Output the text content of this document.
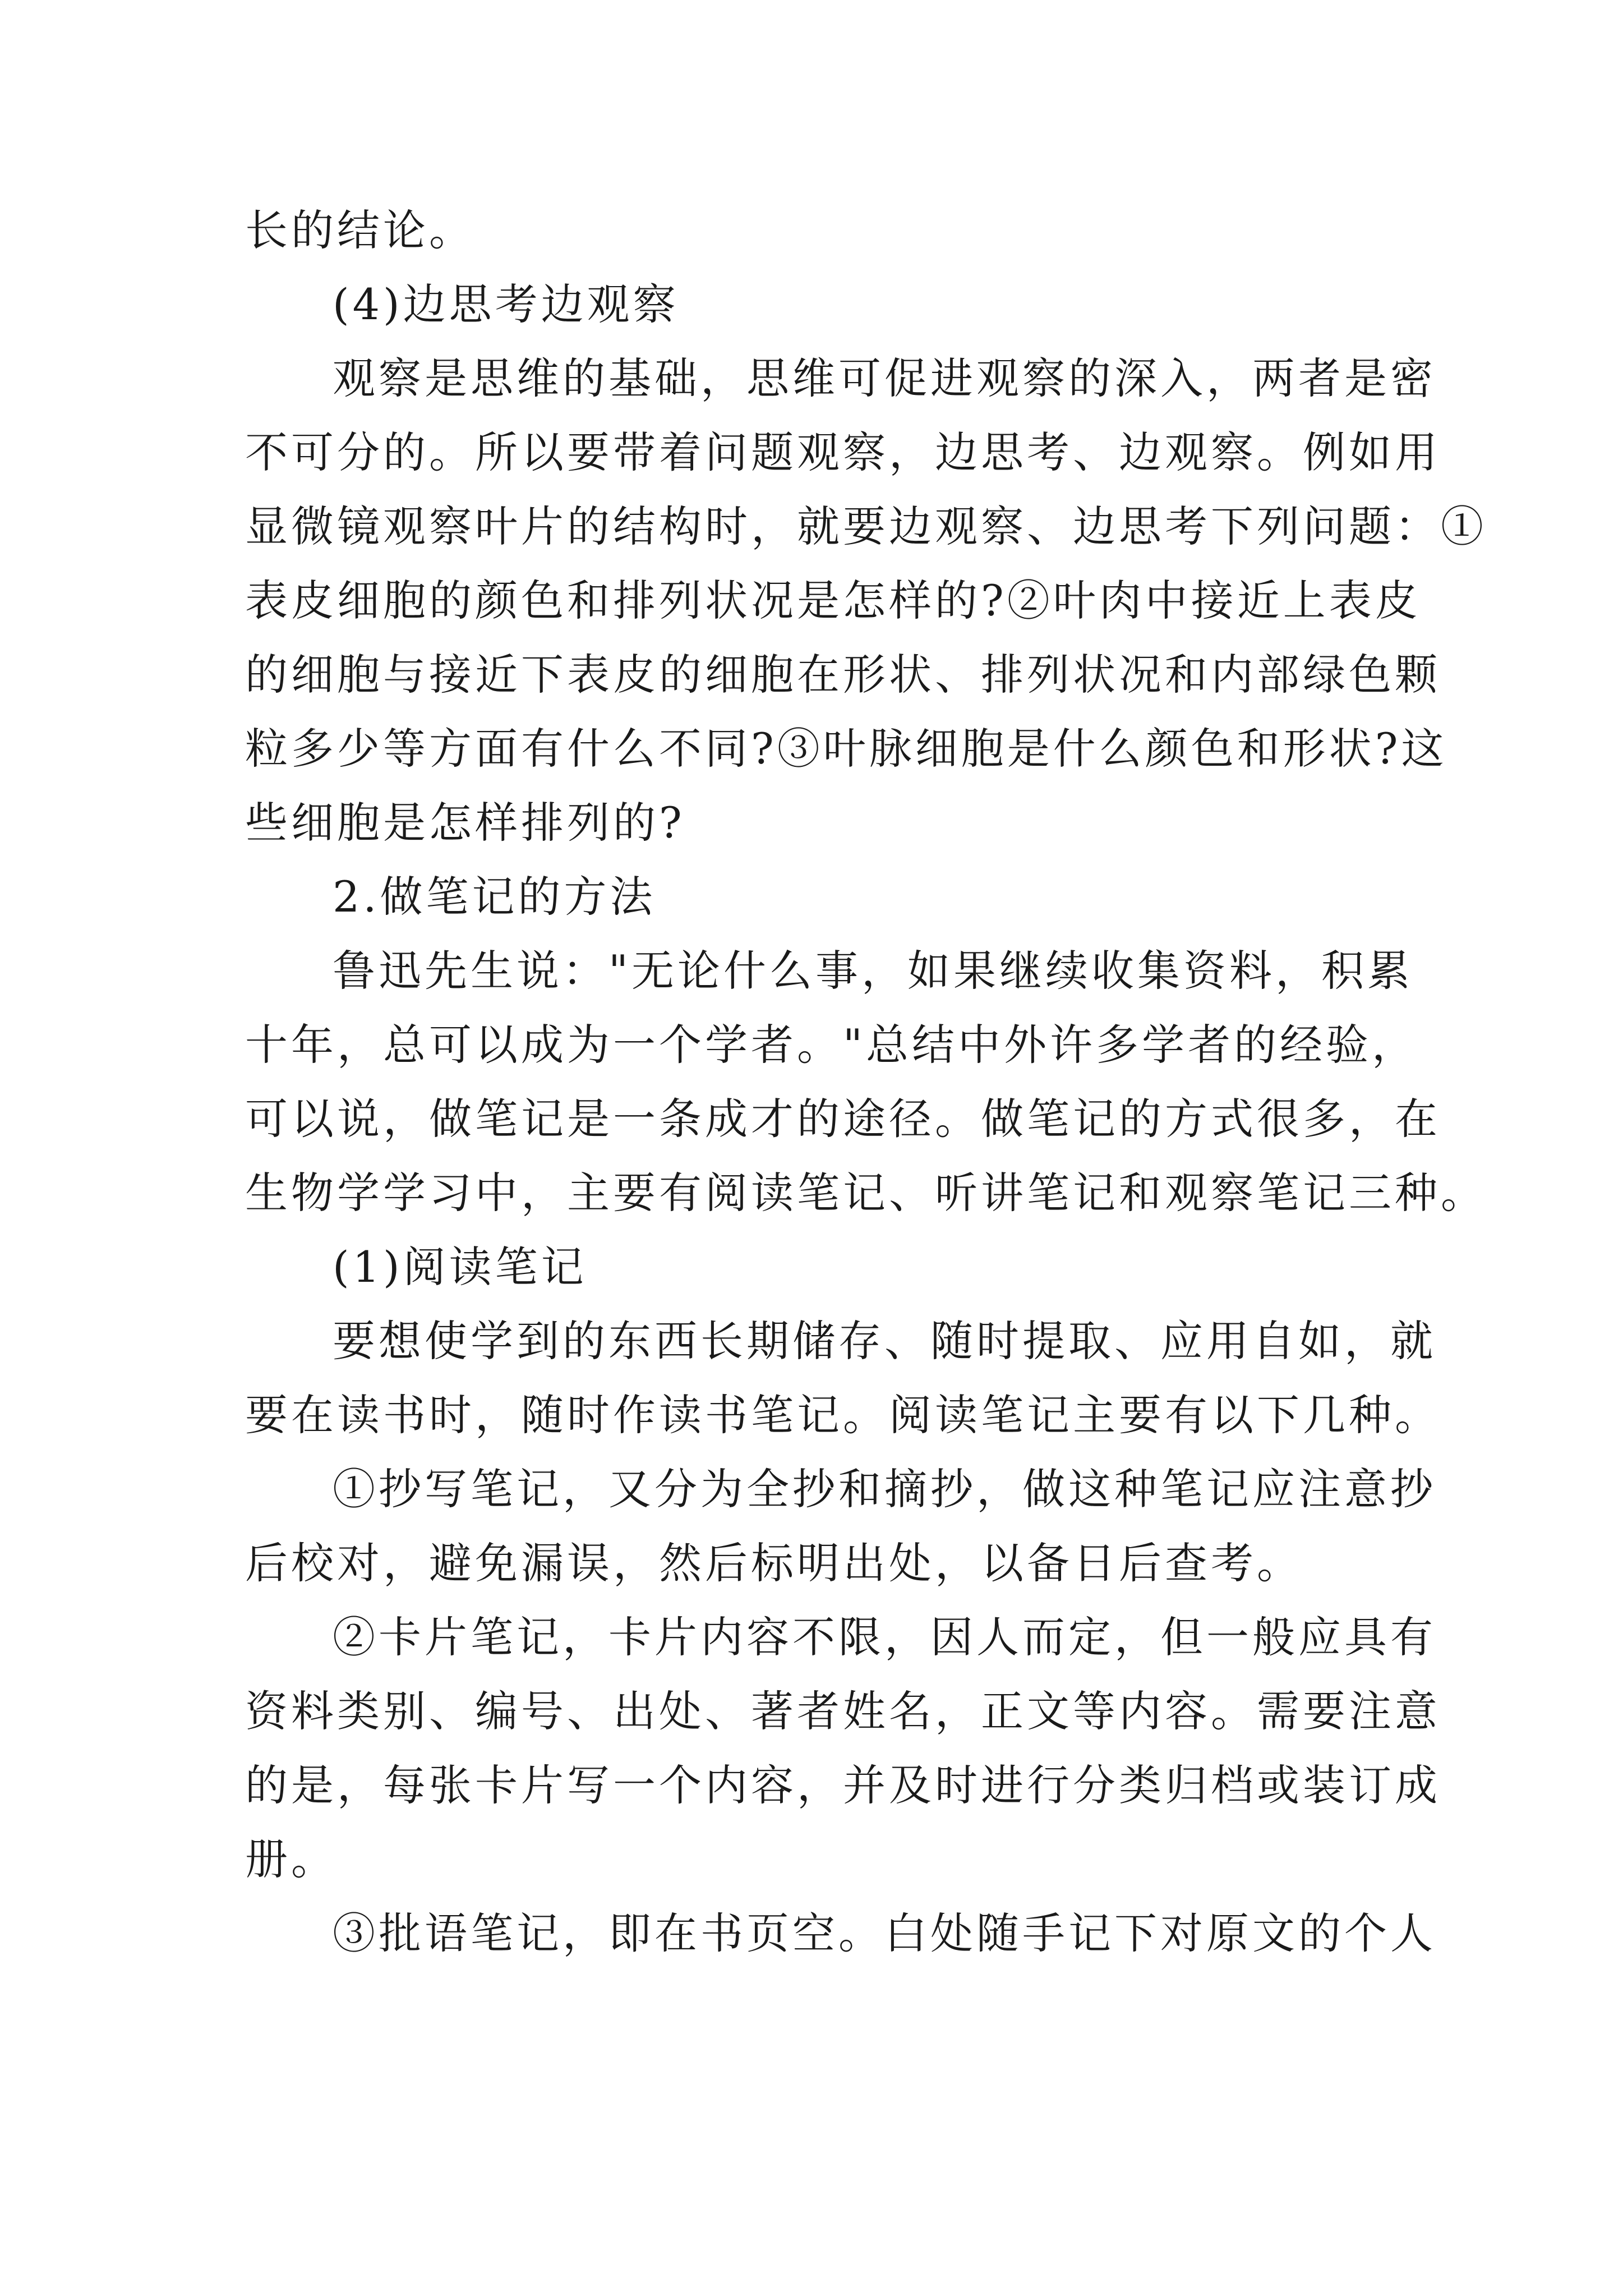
长的结论。
(4)边思考边观察
观察是思维的基础，思维可促进观察的深入，两者是密
不可分的。所以要带着问题观察，边思考、边观察。例如用
显微镜观察叶片的结构时，就要边观察、边思考下列问题：①
表皮细胞的颜色和排列状况是怎样的?②叶肉中接近上表皮
的细胞与接近下表皮的细胞在形状、排列状况和内部绿色颗
粒多少等方面有什么不同?③叶脉细胞是什么颜色和形状?这
些细胞是怎样排列的?
2.做笔记的方法
鲁迅先生说："无论什么事，如果继续收集资料，积累
十年，总可以成为一个学者。"总结中外许多学者的经验，
可以说，做笔记是一条成才的途径。做笔记的方式很多，在
生物学学习中，主要有阅读笔记、听讲笔记和观察笔记三种。
(1)阅读笔记
要想使学到的东西长期储存、随时提取、应用自如，就
要在读书时，随时作读书笔记。阅读笔记主要有以下几种。
①抄写笔记，又分为全抄和摘抄，做这种笔记应注意抄
后校对，避免漏误，然后标明出处，以备日后查考。
②卡片笔记，卡片内容不限，因人而定，但一般应具有
资料类别、编号、出处、著者姓名，正文等内容。需要注意
的是，每张卡片写一个内容，并及时进行分类归档或装订成
册。
③批语笔记，即在书页空。白处随手记下对原文的个人
